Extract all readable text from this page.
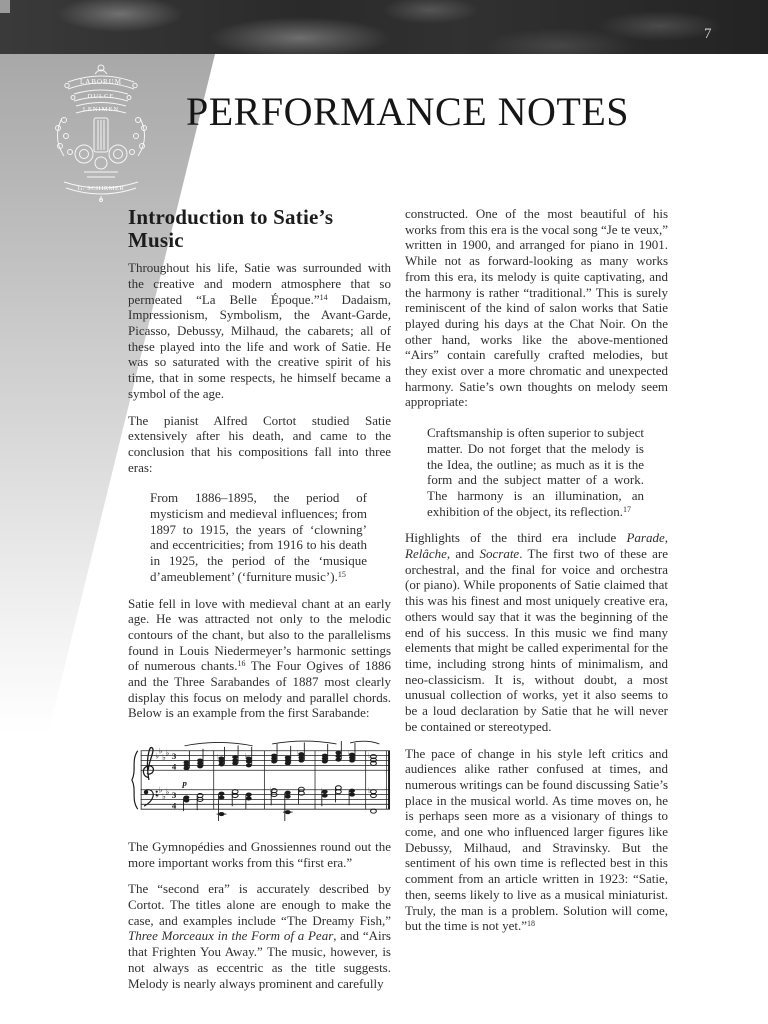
7
LABORUM
DULCE
LENIMEN
G. SCHIRMER
PERFORMANCE NOTES
Introduction to Satie’s Music

Throughout his life, Satie was surrounded with the creative and modern atmosphere that so permeated “La Belle Époque.”$^{14}$ Dadaism, Impressionism, Symbolism, the Avant-Garde, Picasso, Debussy, Milhaud, the cabarets; all of these played into the life and work of Satie. He was so saturated with the creative spirit of his time, that in some respects, he himself became a symbol of the age.

The pianist Alfred Cortot studied Satie extensively after his death, and came to the conclusion that his compositions fall into three eras:

From 1886–1895, the period of mysticism and medieval influences; from 1897 to 1915, the years of ‘clowning’ and eccentricities; from 1916 to his death in 1925, the period of the ‘musique d’ameublement’ (‘furniture music’).$^{15}$

Satie fell in love with medieval chant at an early age. He was attracted not only to the melodic contours of the chant, but also to the parallelisms found in Louis Niedermeyer’s harmonic settings of numerous chants.$^{16}$ The Four Ogives of 1886 and the Three Sarabandes of 1887 most clearly display this focus on melody and parallel chords. Below is an example from the first Sarabande:

♭
♭
♭ ♭
♭
♭
♭ ♭
3
4
3
4
p
♭	♭
♭
♭
♭
♭ ♭
♭

The Gymnopédies and Gnossiennes round out the more important works from this “first era.”

The “second era” is accurately described by Cortot. The titles alone are enough to make the case, and examples include “The Dreamy Fish,” Three Morceaux in the Form of a Pear, and “Airs that Frighten You Away.” The music, however, is not always as eccentric as the title suggests. Melody is nearly always prominent and carefully

constructed. One of the most beautiful of his works from this era is the vocal song “Je te veux,” written in 1900, and arranged for piano in 1901. While not as forward-looking as many works from this era, its melody is quite captivating, and the harmony is rather “traditional.” This is surely reminiscent of the kind of salon works that Satie played during his days at the Chat Noir. On the other hand, works like the above-mentioned “Airs” contain carefully crafted melodies, but they exist over a more chromatic and unexpected harmony. Satie’s own thoughts on melody seem appropriate:

Craftsmanship is often superior to subject matter. Do not forget that the melody is the Idea, the outline; as much as it is the form and the subject matter of a work. The harmony is an illumination, an exhibition of the object, its reflection.$^{17}$

Highlights of the third era include Parade, Relâche, and Socrate. The first two of these are orchestral, and the final for voice and orchestra (or piano). While proponents of Satie claimed that this was his finest and most uniquely creative era, others would say that it was the beginning of the end of his success. In this music we find many elements that might be called experimental for the time, including strong hints of minimalism, and neo-classicism. It is, without doubt, a most unusual collection of works, yet it also seems to be a loud declaration by Satie that he will never be contained or stereotyped.

The pace of change in his style left critics and audiences alike rather confused at times, and numerous writings can be found discussing Satie’s place in the musical world. As time moves on, he is perhaps seen more as a visionary of things to come, and one who influenced larger figures like Debussy, Milhaud, and Stravinsky. But the sentiment of his own time is reflected best in this comment from an article written in 1923: “Satie, then, seems likely to live as a musical miniaturist. Truly, the man is a problem. Solution will come, but the time is not yet.”$^{18}$
